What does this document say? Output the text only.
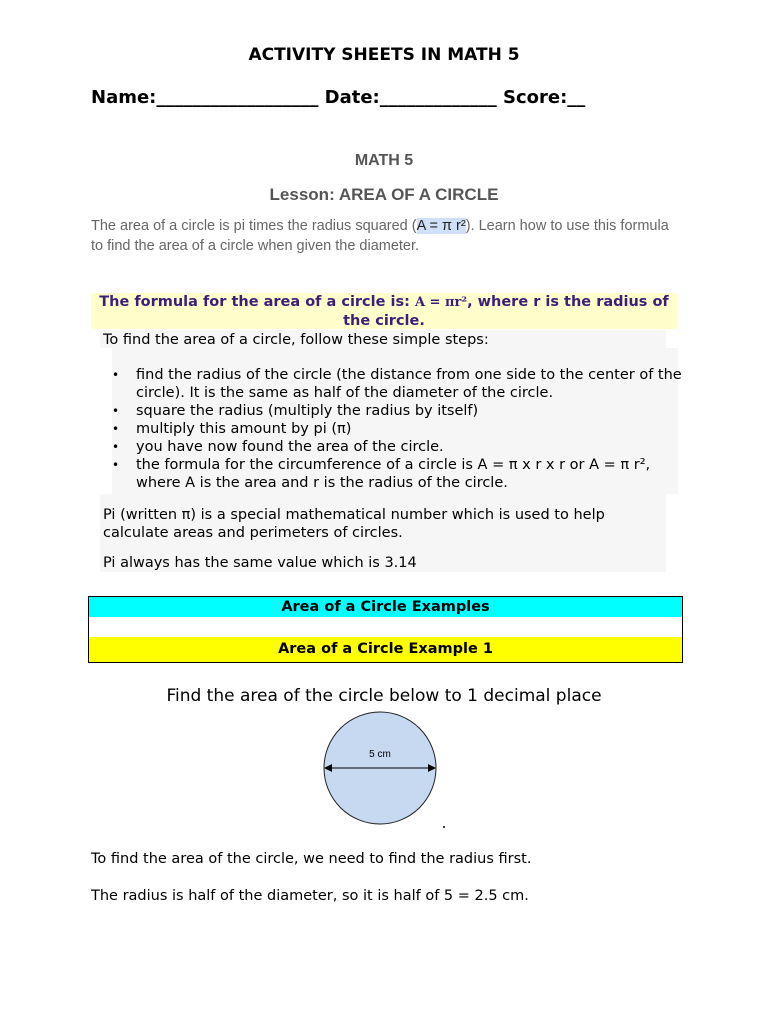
ACTIVITY SHEETS IN MATH 5
Name:__________________ Date:_____________ Score:__
MATH 5
Lesson: AREA OF A CIRCLE
The area of a circle is pi times the radius squared (A = π r²). Learn how to use this formula to find the area of a circle when given the diameter.
The formula for the area of a circle is: A = πr², where r is the radius of the circle.
To find the area of a circle, follow these simple steps:
• find the radius of the circle (the distance from one side to the center of the circle). It is the same as half of the diameter of the circle.
• square the radius (multiply the radius by itself)
• multiply this amount by pi (π)
• you have now found the area of the circle.
• the formula for the circumference of a circle is A = π x r x r or A = π r², where A is the area and r is the radius of the circle.
Pi (written π) is a special mathematical number which is used to help calculate areas and perimeters of circles.
Pi always has the same value which is 3.14
Area of a Circle Examples
Area of a Circle Example 1
Find the area of the circle below to 1 decimal place
5 cm
To find the area of the circle, we need to find the radius first.
The radius is half of the diameter, so it is half of 5 = 2.5 cm.
